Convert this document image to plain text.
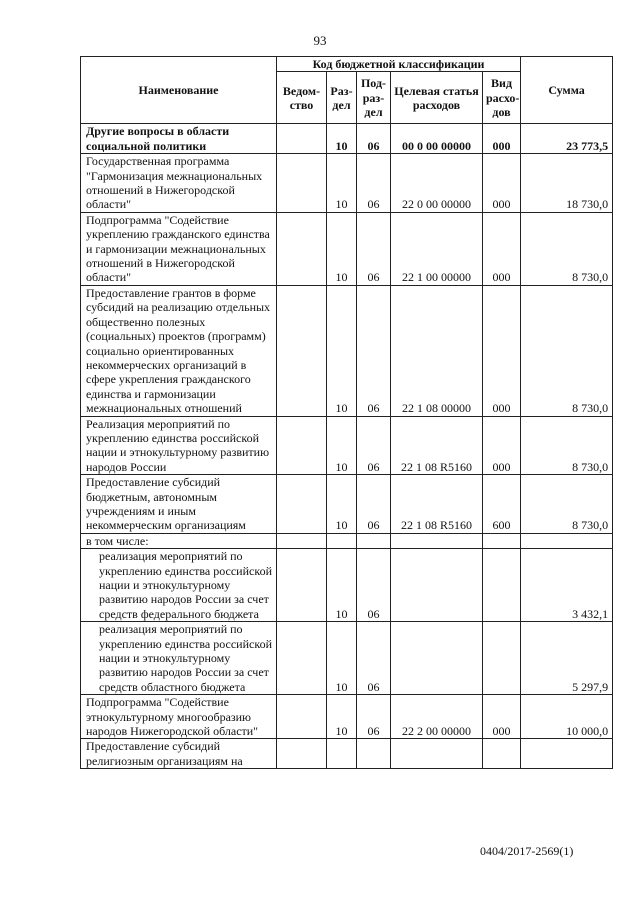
93
Наименование	Код бюджетной классификации					Сумма
	Ведом-ство	Раз-дел	Под-раз-дел	Целевая статья расходов	Вид расхо-дов	
Другие вопросы в области социальной политики		10	06	00 0 00 00000	000	23 773,5
Государственная программа "Гармонизация межнациональных отношений в Нижегородской области"		10	06	22 0 00 00000	000	18 730,0
Подпрограмма "Содействие укреплению гражданского единства и гармонизации межнациональных отношений в Нижегородской области"		10	06	22 1 00 00000	000	8 730,0
Предоставление грантов в форме субсидий на реализацию отдельных общественно полезных (социальных) проектов (программ) социально ориентированных некоммерческих организаций в сфере укрепления гражданского единства и гармонизации межнациональных отношений		10	06	22 1 08 00000	000	8 730,0
Реализация мероприятий по укреплению единства российской нации и этнокультурному развитию народов России		10	06	22 1 08 R5160	000	8 730,0
Предоставление субсидий бюджетным, автономным учреждениям и иным некоммерческим организациям		10	06	22 1 08 R5160	600	8 730,0
в том числе:						
реализация мероприятий по укреплению единства российской нации и этнокультурному развитию народов России за счет средств федерального бюджета		10	06			3 432,1
реализация мероприятий по укреплению единства российской нации и этнокультурному развитию народов России за счет средств областного бюджета		10	06			5 297,9
Подпрограмма "Содействие этнокультурному многообразию народов Нижегородской области"		10	06	22 2 00 00000	000	10 000,0
Предоставление субсидий религиозным организациям на						
0404/2017-2569(1)
